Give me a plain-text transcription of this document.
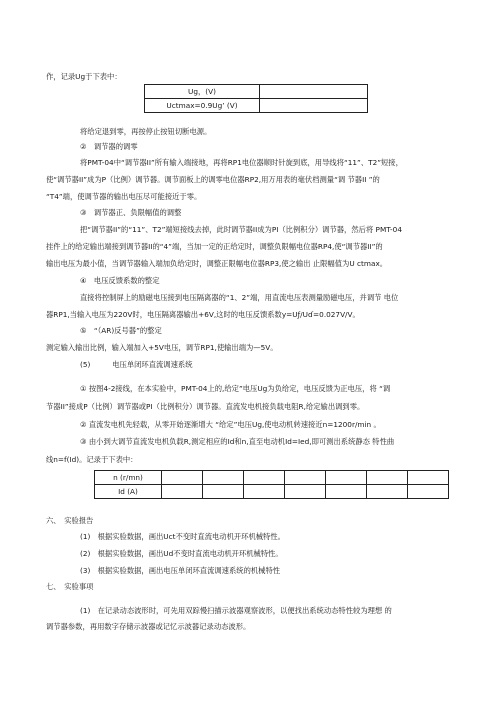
作，记录Ug于下表中：
Ug，(V)	
Uctmax=0.9Ug’ (V)	
将给定退到零，再按停止按钮切断电源。
②　调节器的调零
将PMT-04中“调节器II”所有输入端接地，再将RP1电位器顺时针旋到底，用导线将“11”、T2”短接，
使“调节器II”成为P（比例）调节器。调节面板上的调零电位器RP2,用万用表的毫伏档测量“调 节器II ”的
“T4”端，使调节器的输出电压尽可能接近于零。
③　调节器正、负限幅值的调整
把“调节器II”的“11”、T2”端短接线去掉，此时调节器II成为PI（比例积分）调节器，然后将 PMT-04
挂件上的给定输出端接到调节器II的“4”端，当加一定的正给定时，调整负限幅电位器RP4,使“调节器II”的
输出电压为最小值，当调节器输入端加负给定时，调整正限幅电位器RP3,使之输出 止限幅值为U ctmax。
④　电压反馈系数的整定
直接将控制屏上的励磁电压接到电压隔离器的“1、2”端，用直流电压表测量励磁电压，并调节 电位
器RP1,当输入电压为220V时，电压隔离器输出+6V,这时的电压反馈系数y=Uƒ/Uɗ=0.027V/V。
⑤　“（AR)反号器”的整定
测定输入输出比例，输入端加入+5V电压，调节RP1,使输出端为—5V。
(5)　　　电压单闭环直流调速系统
① 按图4-2接线，在本实验中，PMT-04上的,给定”电压Ug为负给定，电压反馈为正电压，将 “调
节器II”接成P（比例）调节器或PI（比例积分）调节器。直流发电机接负载电阻R,给定输出调到零。
② 直流发电机先轻载，从零开始逐渐增大 “给定”电压Ug,使电动机转速接近n=1200r/min 。
③ 由小到大调节直流发电机负载R,测定相应的Id和n,直至电动机Id=Ied,即可测出系统静态 特性曲
线n=f(Id)。记录于下表中：
n (r/mn)							
Id (A)							
六、　实验报告
(1)　根据实验数据，画出Uct不变时直流电动机开环机械特性。
(2)　根据实验数据，画出Ud不变时直流电动机开环机械特性。
(3)　根据实验数据，画出电压单闭环直流调速系统的机械特性
七、　实验事项
(1)　在记录动态波形时，可先用双踪慢扫描示波器观察波形，以便找出系统动态特性较为理想 的
调节器参数，再用数字存储示波器或记忆示波器记录动态波形。
